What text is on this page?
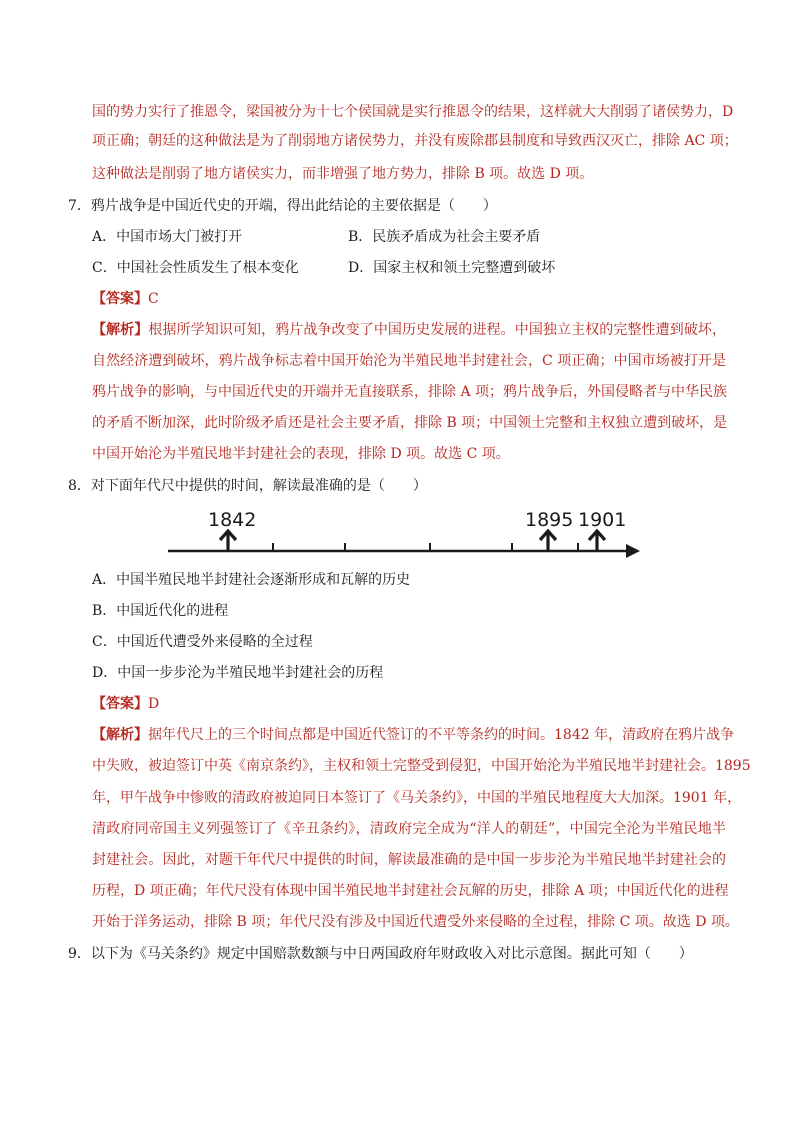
国的势力实行了推恩令，梁国被分为十七个侯国就是实行推恩令的结果，这样就大大削弱了诸侯势力，D
项正确；朝廷的这种做法是为了削弱地方诸侯势力，并没有废除郡县制度和导致西汉灭亡，排除 AC 项；
这种做法是削弱了地方诸侯实力，而非增强了地方势力，排除 B 项。故选 D 项。
7．鸦片战争是中国近代史的开端，得出此结论的主要依据是（　　）
A．中国市场大门被打开	B．民族矛盾成为社会主要矛盾
C．中国社会性质发生了根本变化	D．国家主权和领土完整遭到破坏
【答案】C
【解析】根据所学知识可知，鸦片战争改变了中国历史发展的进程。中国独立主权的完整性遭到破坏，
自然经济遭到破坏，鸦片战争标志着中国开始沦为半殖民地半封建社会，C 项正确；中国市场被打开是
鸦片战争的影响，与中国近代史的开端并无直接联系，排除 A 项；鸦片战争后，外国侵略者与中华民族
的矛盾不断加深，此时阶级矛盾还是社会主要矛盾，排除 B 项；中国领土完整和主权独立遭到破坏，是
中国开始沦为半殖民地半封建社会的表现，排除 D 项。故选 C 项。
8．对下面年代尺中提供的时间，解读最准确的是（　　）
1842	1895 1901
A．中国半殖民地半封建社会逐渐形成和瓦解的历史
B．中国近代化的进程
C．中国近代遭受外来侵略的全过程
D．中国一步步沦为半殖民地半封建社会的历程
【答案】D
【解析】据年代尺上的三个时间点都是中国近代签订的不平等条约的时间。1842 年，清政府在鸦片战争
中失败，被迫签订中英《南京条约》，主权和领土完整受到侵犯，中国开始沦为半殖民地半封建社会。1895
年，甲午战争中惨败的清政府被迫同日本签订了《马关条约》，中国的半殖民地程度大大加深。1901 年，
清政府同帝国主义列强签订了《辛丑条约》，清政府完全成为“洋人的朝廷”，中国完全沦为半殖民地半
封建社会。因此，对题干年代尺中提供的时间，解读最准确的是中国一步步沦为半殖民地半封建社会的
历程，D 项正确；年代尺没有体现中国半殖民地半封建社会瓦解的历史，排除 A 项；中国近代化的进程
开始于洋务运动，排除 B 项；年代尺没有涉及中国近代遭受外来侵略的全过程，排除 C 项。故选 D 项。
9．以下为《马关条约》规定中国赔款数额与中日两国政府年财政收入对比示意图。据此可知（　　）
